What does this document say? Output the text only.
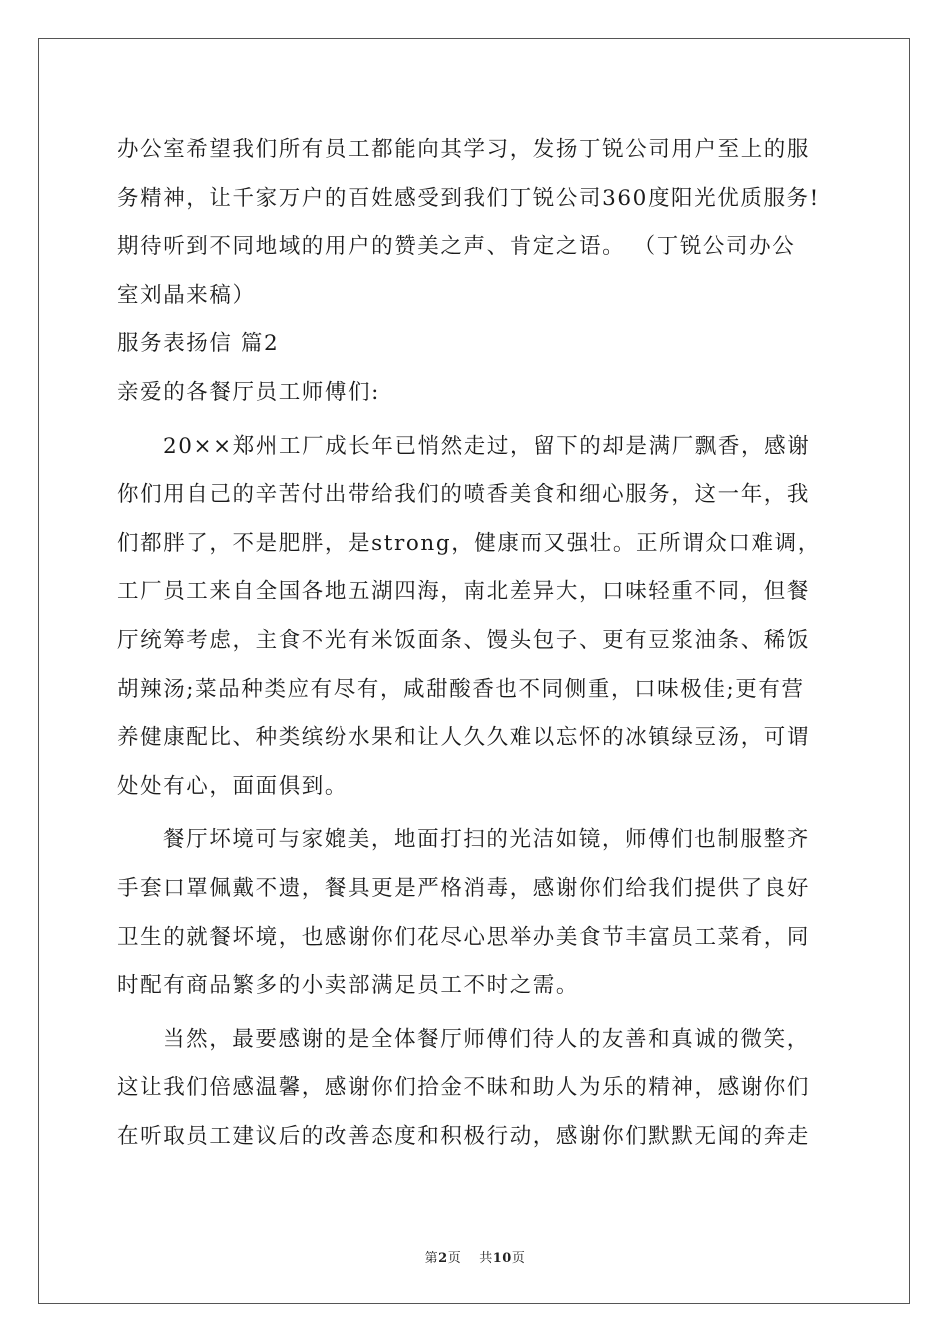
办公室希望我们所有员工都能向其学习，发扬丁锐公司用户至上的服
务精神，让千家万户的百姓感受到我们丁锐公司360度阳光优质服务!
期待听到不同地域的用户的赞美之声、肯定之语。 （丁锐公司办公
室刘晶来稿）
服务表扬信 篇2
亲爱的各餐厅员工师傅们:
20××郑州工厂成长年已悄然走过，留下的却是满厂飘香，感谢
你们用自己的辛苦付出带给我们的喷香美食和细心服务，这一年，我
们都胖了，不是肥胖，是strong，健康而又强壮。正所谓众口难调，
工厂员工来自全国各地五湖四海，南北差异大，口味轻重不同，但餐
厅统筹考虑，主食不光有米饭面条、馒头包子、更有豆浆油条、稀饭
胡辣汤;菜品种类应有尽有，咸甜酸香也不同侧重，口味极佳;更有营
养健康配比、种类缤纷水果和让人久久难以忘怀的冰镇绿豆汤，可谓
处处有心，面面俱到。
餐厅坏境可与家媲美，地面打扫的光洁如镜，师傅们也制服整齐
手套口罩佩戴不遗，餐具更是严格消毒，感谢你们给我们提供了良好
卫生的就餐坏境，也感谢你们花尽心思举办美食节丰富员工菜肴，同
时配有商品繁多的小卖部满足员工不时之需。
当然，最要感谢的是全体餐厅师傅们待人的友善和真诚的微笑，
这让我们倍感温馨，感谢你们拾金不昧和助人为乐的精神，感谢你们
在听取员工建议后的改善态度和积极行动，感谢你们默默无闻的奔走
第2页 共10页
